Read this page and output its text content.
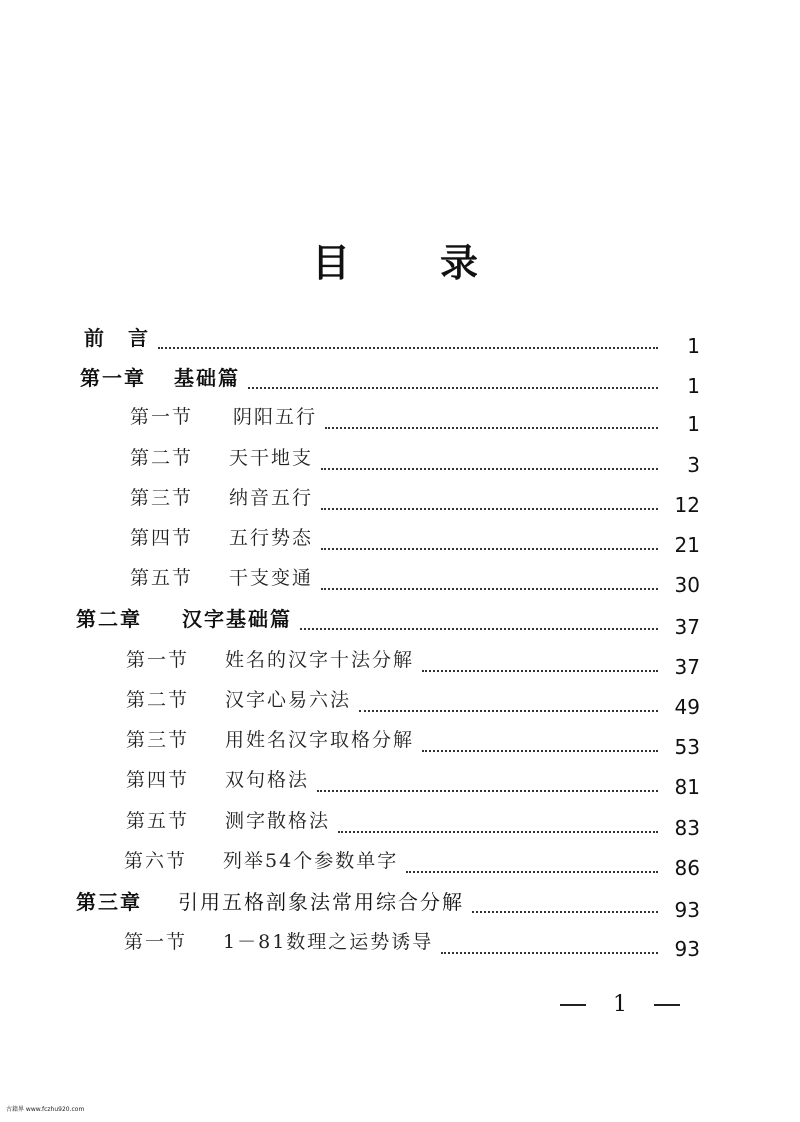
目 录
前　言	1
第一章 基础篇	1
第一节 阴阳五行	1
第二节 天干地支	3
第三节 纳音五行	12
第四节 五行势态	21
第五节 干支变通	30
第二章 汉字基础篇	37
第一节 姓名的汉字十法分解	37
第二节 汉字心易六法	49
第三节 用姓名汉字取格分解	53
第四节 双句格法	81
第五节 测字散格法	83
第六节 列举54个参数单字	86
第三章 引用五格剖象法常用综合分解	93
第一节 1－81数理之运势诱导	93
1
古籍界 www.fczhu920.com
